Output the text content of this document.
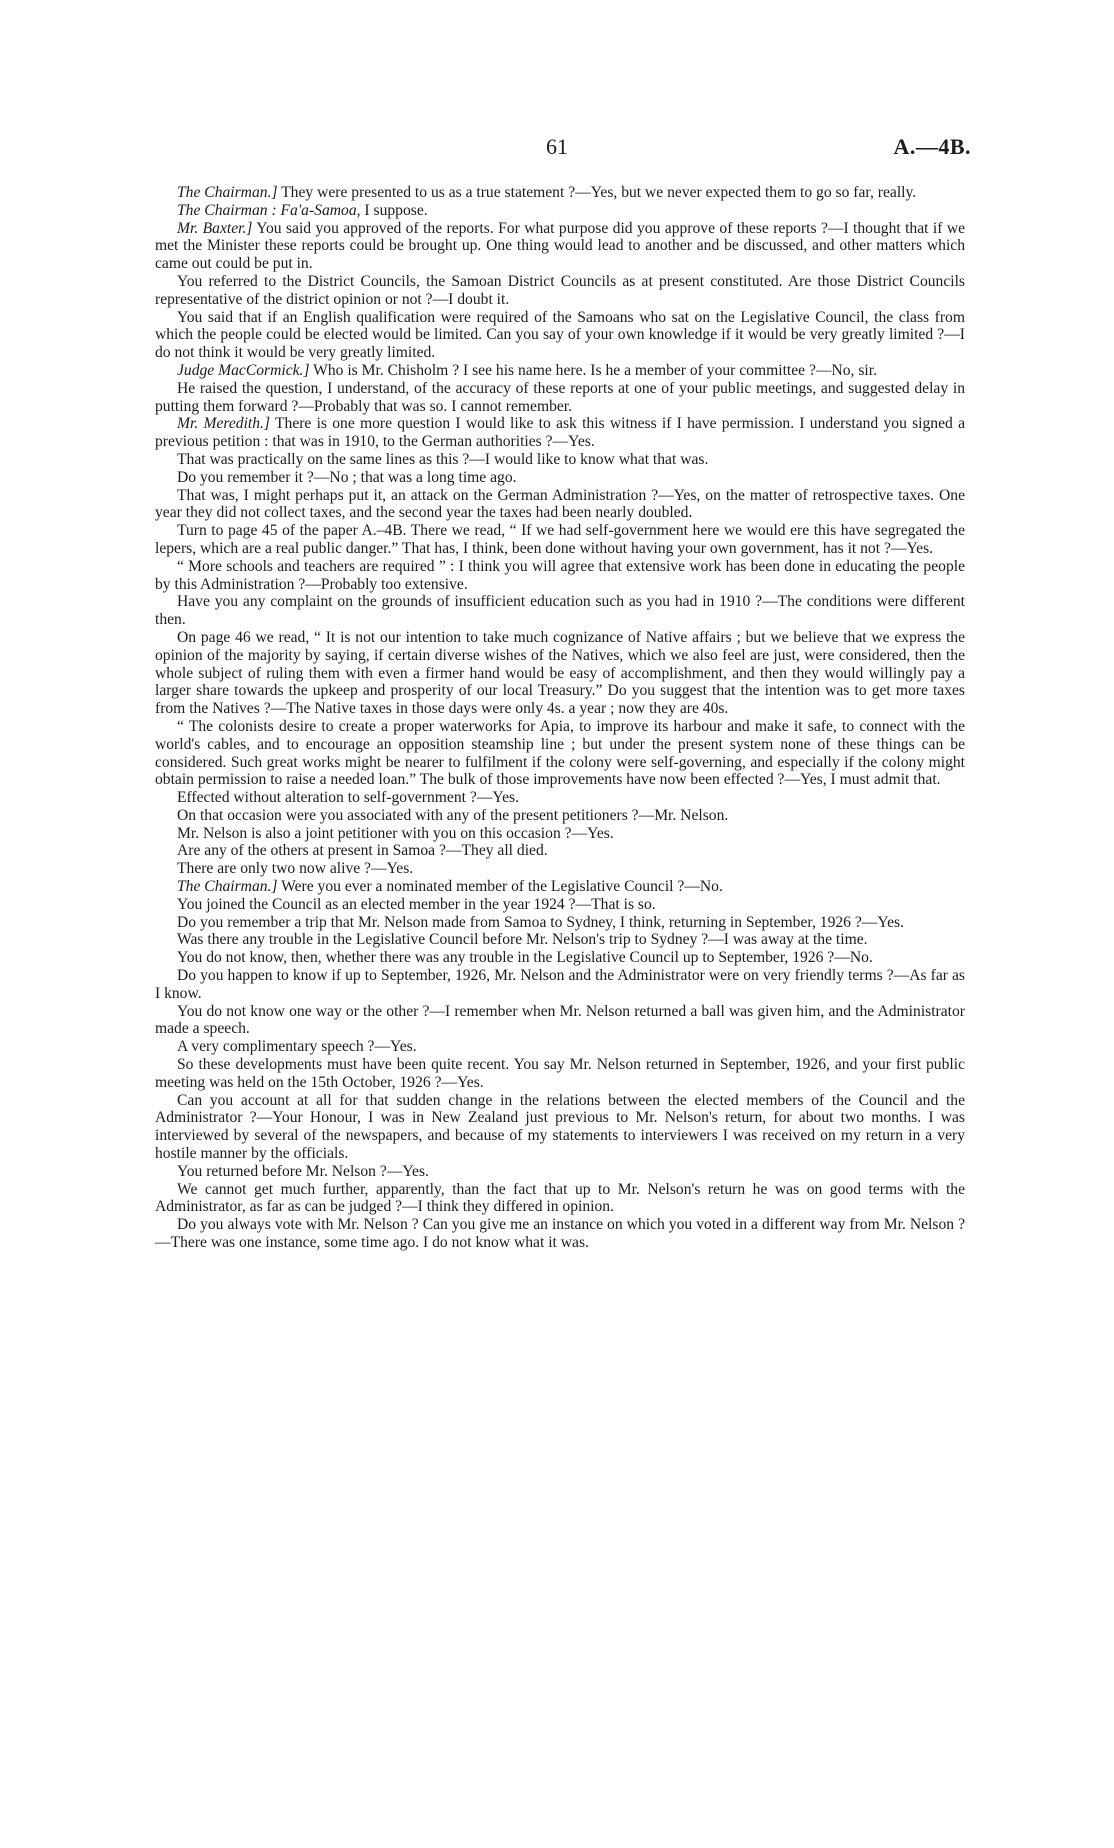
61	A.—4B.

The Chairman.] They were presented to us as a true statement ?—Yes, but we never expected them to go so far, really.

The Chairman : Fa'a-Samoa, I suppose.

Mr. Baxter.] You said you approved of the reports. For what purpose did you approve of these reports ?—I thought that if we met the Minister these reports could be brought up. One thing would lead to another and be discussed, and other matters which came out could be put in.

You referred to the District Councils, the Samoan District Councils as at present constituted. Are those District Councils representative of the district opinion or not ?—I doubt it.

You said that if an English qualification were required of the Samoans who sat on the Legislative Council, the class from which the people could be elected would be limited. Can you say of your own knowledge if it would be very greatly limited ?—I do not think it would be very greatly limited.

Judge MacCormick.] Who is Mr. Chisholm ? I see his name here. Is he a member of your committee ?—No, sir.

He raised the question, I understand, of the accuracy of these reports at one of your public meetings, and suggested delay in putting them forward ?—Probably that was so. I cannot remember.

Mr. Meredith.] There is one more question I would like to ask this witness if I have permission. I understand you signed a previous petition : that was in 1910, to the German authorities ?—Yes.

That was practically on the same lines as this ?—I would like to know what that was.

Do you remember it ?—No ; that was a long time ago.

That was, I might perhaps put it, an attack on the German Administration ?—Yes, on the matter of retrospective taxes. One year they did not collect taxes, and the second year the taxes had been nearly doubled.

Turn to page 45 of the paper A.–4B. There we read, “ If we had self-government here we would ere this have segregated the lepers, which are a real public danger.” That has, I think, been done without having your own government, has it not ?—Yes.

“ More schools and teachers are required ” : I think you will agree that extensive work has been done in educating the people by this Administration ?—Probably too extensive.

Have you any complaint on the grounds of insufficient education such as you had in 1910 ?—The conditions were different then.

On page 46 we read, “ It is not our intention to take much cognizance of Native affairs ; but we believe that we express the opinion of the majority by saying, if certain diverse wishes of the Natives, which we also feel are just, were considered, then the whole subject of ruling them with even a firmer hand would be easy of accomplishment, and then they would willingly pay a larger share towards the upkeep and prosperity of our local Treasury.” Do you suggest that the intention was to get more taxes from the Natives ?—The Native taxes in those days were only 4s. a year ; now they are 40s.

“ The colonists desire to create a proper waterworks for Apia, to improve its harbour and make it safe, to connect with the world's cables, and to encourage an opposition steamship line ; but under the present system none of these things can be considered. Such great works might be nearer to fulfilment if the colony were self-governing, and especially if the colony might obtain permission to raise a needed loan.” The bulk of those improvements have now been effected ?—Yes, I must admit that.

Effected without alteration to self-government ?—Yes.

On that occasion were you associated with any of the present petitioners ?—Mr. Nelson.

Mr. Nelson is also a joint petitioner with you on this occasion ?—Yes.

Are any of the others at present in Samoa ?—They all died.

There are only two now alive ?—Yes.

The Chairman.] Were you ever a nominated member of the Legislative Council ?—No.

You joined the Council as an elected member in the year 1924 ?—That is so.

Do you remember a trip that Mr. Nelson made from Samoa to Sydney, I think, returning in September, 1926 ?—Yes.

Was there any trouble in the Legislative Council before Mr. Nelson's trip to Sydney ?—I was away at the time.

You do not know, then, whether there was any trouble in the Legislative Council up to September, 1926 ?—No.

Do you happen to know if up to September, 1926, Mr. Nelson and the Administrator were on very friendly terms ?—As far as I know.

You do not know one way or the other ?—I remember when Mr. Nelson returned a ball was given him, and the Administrator made a speech.

A very complimentary speech ?—Yes.

So these developments must have been quite recent. You say Mr. Nelson returned in September, 1926, and your first public meeting was held on the 15th October, 1926 ?—Yes.

Can you account at all for that sudden change in the relations between the elected members of the Council and the Administrator ?—Your Honour, I was in New Zealand just previous to Mr. Nelson's return, for about two months. I was interviewed by several of the newspapers, and because of my statements to interviewers I was received on my return in a very hostile manner by the officials.

You returned before Mr. Nelson ?—Yes.

We cannot get much further, apparently, than the fact that up to Mr. Nelson's return he was on good terms with the Administrator, as far as can be judged ?—I think they differed in opinion.

Do you always vote with Mr. Nelson ? Can you give me an instance on which you voted in a different way from Mr. Nelson ?—There was one instance, some time ago. I do not know what it was.
